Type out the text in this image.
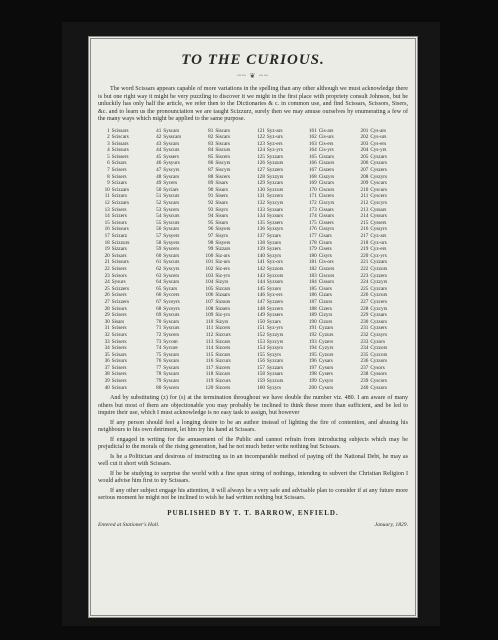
TO THE CURIOUS.
~~ ❦ ~~

The word Scissars appears capable of more variations in the spelling than any other although we must acknowledge there is but one right way it might be very puzzling to discover it we might in the first place with propriety consult Johnson, but he unluckily has only half the article, we refer then to the Dictionaries & c. in common use, and find Scissars, Scissors, Sisers, &c. and to learn us the pronounciation we are taught Scizzurz, surely then we may amuse ourselves by enumerating a few of the many ways which might be applied to the same purpose.

1	Scissars	41	Syscars	81	Siscars	121	Syz-ars	161	Cis-ars	201	Cys-ars
2	Sciscars	42	Sysscars	82	Siscars	122	Syz-urs	162	Cis-urs	202	Cys-urs
3	Scissars	43	Syscars	83	Siscars	123	Syz-ers	163	Cis-ers	203	Cys-ers
4	Scissurs	44	Syscurs	84	Siscurs	124	Syz-yrs	164	Cis-yrs	204	Cys-yrs
5	Scissers	45	Syssers	85	Siscers	125	Syzzars	165	Ciszars	205	Cyszars
6	Scisars	46	Sysyurs	86	Siscyrs	126	Syzzurs	166	Ciszurs	206	Cyszurs
7	Scisers	47	Syscyrs	87	Siscyrs	127	Syzzers	167	Ciszers	207	Cyszers
8	Scisers	48	Syscars	88	Siscers	128	Syzzyrs	168	Ciszyrs	208	Cyszyrs
9	Scizars	49	Sycers	89	Sisars	129	Syzcars	169	Ciscars	209	Cyscars
10	Scizzars	50	Syciars	90	Sisurs	130	Syzcurs	170	Ciscurs	210	Cyscurs
11	Scizurs	51	Syscurs	91	Sisers	131	Syzcers	171	Ciscers	211	Cyscers
12	Scizzars	52	Syscars	92	Sisars	132	Syzcyrs	172	Ciscyrs	212	Cyscyrs
13	Scisers	53	Syscers	93	Sisyrs	133	Syzsars	173	Cissars	213	Cyssars
14	Scizers	54	Syscurs	94	Sisurs	134	Syzsurs	174	Cissurs	214	Cyssurs
15	Scisurs	55	Syscurs	95	Sisurs	135	Syzsers	175	Cissers	215	Cyssers
16	Scissurs	56	Syscars	96	Sisyers	136	Syzsyrs	176	Cissyrs	216	Cyssyrs
17	Scizarz	57	Sysyers	97	Sisyrs	137	Syzars	177	Cisars	217	Cyz-ars
18	Scizzurs	58	Sysyers	98	Sisyers	138	Syzurs	178	Cisurs	218	Cyz-urs
19	Sizzars	59	Syscers	99	Sizzars	139	Syzers	179	Cisers	219	Cyz-ers
20	Scisars	60	Syscars	100	Siz-ars	140	Syzyrs	180	Cisyrs	220	Cyz-yrs
21	Scissurs	61	Syscurs	101	Siz-urs	141	Syz-ors	181	Cis-ors	221	Cyzzars
22	Scisers	62	Syscyrs	102	Siz-ers	142	Syzzors	182	Ciszors	222	Cyzzurs
23	Scisors	63	Syscers	103	Siz-yrs	143	Syzcors	183	Ciscors	223	Cyzzers
24	Sysurs	64	Syscars	104	Sizyrs	144	Syzsors	184	Cissors	224	Cyzzyrs
25	Scizzers	65	Sycars	105	Sizcars	145	Syzors	185	Cisors	225	Cyzcars
26	Scisers	66	Syccers	106	Sizsars	146	Syz-ers	186	Cizars	226	Cyzcurs
27	Scizzers	67	Syceyrs	107	Sizsurs	147	Syzzers	187	Cizurs	227	Cyzcers
28	Scisurs	68	Syceyrs	108	Sizsers	148	Syzcers	188	Cizers	228	Cyzcyrs
29	Scisers	69	Syscurs	109	Siz-yrs	149	Syzsers	189	Cizyrs	229	Cyzsars
30	Sisars	70	Syscars	110	Sizyrs	150	Syzars	190	Cizors	230	Cyzsurs
31	Scisers	71	Syscurs	111	Sizcers	151	Syz-yrs	191	Cyzars	231	Cyzsers
32	Scisurs	72	Syscers	112	Sizcurs	152	Syzzyrs	192	Cyzurs	232	Cyzsyrs
33	Scisers	73	Sycom	113	Sizcars	153	Syzcyrs	193	Cyzers	233	Cyzors
34	Scisers	74	Sycure	114	Sizcers	154	Syzsyrs	194	Cyzyrs	234	Cyzzors
35	Scisars	75	Syscars	115	Sizcars	155	Syzyrs	195	Cyzors	235	Cyzcors
36	Scisurs	76	Syscars	116	Sizcurs	156	Syzcars	196	Cysars	236	Cyzsors
37	Scisers	77	Syscars	117	Sizcers	157	Syzzars	197	Cysurs	237	Cysors
38	Scisers	78	Syscars	118	Sizcars	158	Syzsars	198	Cysers	238	Cyssors
39	Scisers	79	Syscars	119	Sizcurs	159	Syzcurs	199	Cysyrs	239	Cyscors
40	Scisurs	80	Syscers	120	Sizcers	160	Syzyrs	200	Cysors	240	Cyszors

And by substituting (z) for (s) at the termination throughout we have double the number viz. 480. I am aware of many others but most of them are objectionable you may probably be inclined to think these more than sufficient, and be led to inquire their use, which I must acknowledge is no easy task to assign, but however

If any person should feel a longing desire to be an author instead of lighting the fire of contention, and abusing his neighbours to his own detriment, let him try his hand at Scissars.

If engaged in writing for the amusement of the Public and cannot refrain from introducing subjects which may be prejudicial to the morals of the rising generation, had he not much better write nothing but Scissars.

Is he a Politician and desirous of instructing us in an incomparable method of paying off the National Debt, he may as well cut it short with Scissars.

If he be studying to surprise the world with a fine spun string of nothings, intending to subvert the Christian Religion I would advise him first to try Scissars.

If any other subject engage his attention, it will always be a very safe and advisable plan to consider if at any future more serious moment he might not be inclined to wish he had written nothing but Scissars.

PUBLISHED BY T. T. BARROW, ENFIELD.
Entered at Stationer's Hall.	January, 1829.
